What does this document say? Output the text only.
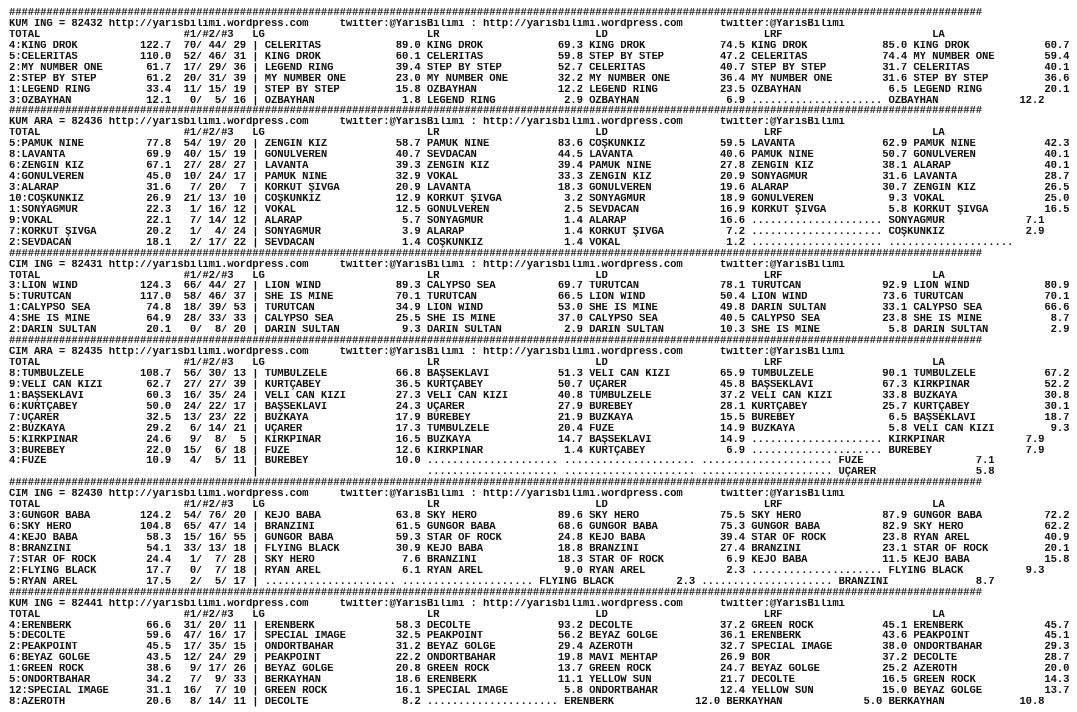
############################################################################################################################################################
KUM ING = 82432 http://yarisbilimi.wordpress.com     twitter:@YarisBilimi : http://yarisbilimi.wordpress.com      twitter:@YarisBilimi
TOTAL                       #1/#2/#3   LG                          LR                         LD                         LRF                        LA
4:KING DROK          122.7  70/ 44/ 29 | CELERITAS            89.0 KING DROK            69.3 KING DROK            74.5 KING DROK            85.0 KING DROK            60.7
5:CELERITAS          110.0  52/ 46/ 31 | KING DROK            60.1 CELERITAS            59.8 STEP BY STEP         47.2 CELERITAS            74.4 MY NUMBER ONE        59.4
2:MY NUMBER ONE       61.7  17/ 29/ 36 | LEGEND RING          39.4 STEP BY STEP         52.7 CELERITAS            40.7 STEP BY STEP         31.7 CELERITAS            40.1
2:STEP BY STEP        61.2  20/ 31/ 39 | MY NUMBER ONE        23.0 MY NUMBER ONE        32.2 MY NUMBER ONE        36.4 MY NUMBER ONE        31.6 STEP BY STEP         36.6
1:LEGEND RING         33.4  11/ 15/ 19 | STEP BY STEP         15.8 ÖZBAYHAN             12.2 LEGEND RING          23.5 ÖZBAYHAN              6.5 LEGEND RING          20.1
3:ÖZBAYHAN            12.1   0/  5/ 16 | ÖZBAYHAN              1.8 LEGEND RING           2.9 ÖZBAYHAN              6.9 ..................... ÖZBAYHAN             12.2
############################################################################################################################################################
KUM ARA = 82436 http://yarisbilimi.wordpress.com     twitter:@YarisBilimi : http://yarisbilimi.wordpress.com      twitter:@YarisBilimi
TOTAL                       #1/#2/#3   LG                          LR                         LD                         LRF                        LA
5:PAMUK NİNE          77.8  54/ 19/ 20 | ZENGİN KIZ           58.7 PAMUK NİNE           83.6 COŞKUNKIZ            59.5 LAVANTA              62.9 PAMUK NİNE           42.3
8:LAVANTA             69.9  40/ 15/ 19 | GÖNÜLVEREN           40.7 SEVDACAN             44.5 LAVANTA              40.6 PAMUK NİNE           50.7 GÖNÜLVEREN           40.1
6:ZENGİN KIZ          67.1  27/ 28/ 27 | LAVANTA              39.3 ZENGİN KIZ           39.4 PAMUK NİNE           27.8 ZENGİN KIZ           38.1 ALARAP               40.1
4:GÖNÜLVEREN          45.0  10/ 24/ 17 | PAMUK NİNE           32.9 VOKAL                33.3 ZENGİN KIZ           20.9 SONYAĞMUR            31.6 LAVANTA              28.7
3:ALARAP              31.6   7/ 20/  7 | KORKUT ŞIVGA         20.9 LAVANTA              18.3 GÖNÜLVEREN           19.6 ALARAP               30.7 ZENGİN KIZ           26.5
10:COŞKUNKIZ          26.9  21/ 13/ 10 | COŞKUNKIZ            12.9 KORKUT ŞIVGA          3.2 SONYAĞMUR            18.9 GÖNÜLVEREN            9.3 VOKAL                25.0
1:SONYAĞMUR           22.3   1/ 16/ 12 | VOKAL                12.5 GÖNÜLVEREN            2.5 SEVDACAN             16.9 KORKUT ŞIVGA          5.8 KORKUT ŞIVGA         16.5
9:VOKAL               22.1   7/ 14/ 12 | ALARAP                5.7 SONYAĞMUR             1.4 ALARAP               16.6 ..................... SONYAĞMUR             7.1
7:KORKUT ŞIVGA        20.2   1/  4/ 24 | SONYAĞMUR             3.9 ALARAP                1.4 KORKUT ŞIVGA          7.2 ..................... COŞKUNKIZ             2.9
2:SEVDACAN            18.1   2/ 17/ 22 | SEVDACAN              1.4 COŞKUNKIZ             1.4 VOKAL                 1.2 ..................... ....................
############################################################################################################################################################
CIM ING = 82431 http://yarisbilimi.wordpress.com     twitter:@YarisBilimi : http://yarisbilimi.wordpress.com      twitter:@YarisBilimi
TOTAL                       #1/#2/#3   LG                          LR                         LD                         LRF                        LA
3:LION WIND          124.3  66/ 44/ 27 | LION WIND            89.3 CALYPSO SEA          69.7 TÜRÜTCAN             78.1 TÜRÜTCAN             92.9 LION WIND            80.9
5:TÜRÜTCAN           117.0  58/ 46/ 37 | SHE IS MINE          70.1 TÜRÜTCAN             66.5 LION WIND            50.4 LION WIND            73.6 TÜRÜTCAN             70.1
1:CALYPSO SEA         74.8  18/ 39/ 53 | TÜRÜTCAN             34.9 LION WIND            53.0 SHE IS MINE          49.8 DARIN SULTAN         33.1 CALYPSO SEA          66.6
4:SHE IS MINE         64.9  28/ 33/ 33 | CALYPSO SEA          25.5 SHE IS MINE          37.0 CALYPSO SEA          40.5 CALYPSO SEA          23.8 SHE IS MINE           8.7
2:DARIN SULTAN        20.1   0/  8/ 20 | DARIN SULTAN          9.3 DARIN SULTAN          2.9 DARIN SULTAN         10.3 SHE IS MINE           5.8 DARIN SULTAN          2.9
############################################################################################################################################################
CIM ARA = 82435 http://yarisbilimi.wordpress.com     twitter:@YarisBilimi : http://yarisbilimi.wordpress.com      twitter:@YarisBilimi
TOTAL                       #1/#2/#3   LG                          LR                         LD                         LRF                        LA
8:TUMBULZELE         108.7  56/ 30/ 13 | TUMBULZELE           66.8 BAŞSEKLAVİ           51.3 VELİ CAN KIZI        65.9 TUMBULZELE           90.1 TUMBULZELE           67.2
9:VELİ CAN KIZI       62.7  27/ 27/ 39 | KURTÇABEY            36.5 KURTÇABEY            50.7 UÇARER               45.8 BAŞSEKLAVİ           67.3 KIRKPINAR            52.2
1:BAŞSEKLAVİ          60.3  16/ 35/ 24 | VELİ CAN KIZI        27.3 VELİ CAN KIZI        40.8 TUMBULZELE           37.2 VELİ CAN KIZI        33.8 BUZKAYA              30.8
6:KURTÇABEY           50.0  24/ 22/ 17 | BAŞSEKLAVİ           24.3 UÇARER               27.9 BÜREBEY              28.1 KURTÇABEY            25.7 KURTÇABEY            30.1
7:UÇARER              32.5  13/ 23/ 22 | BUZKAYA              17.9 BÜREBEY              21.9 BUZKAYA              15.5 BÜREBEY               6.5 BAŞSEKLAVİ           18.7
2:BUZKAYA             29.2   6/ 14/ 21 | UÇARER               17.3 TUMBULZELE           20.4 FÜZE                 14.9 BUZKAYA               5.8 VELİ CAN KIZI         9.3
5:KIRKPINAR           24.6   9/  8/  5 | KIRKPINAR            16.5 BUZKAYA              14.7 BAŞSEKLAVİ           14.9 ..................... KIRKPINAR             7.9
3:BÜREBEY             22.0  15/  6/ 18 | FÜZE                 12.6 KIRKPINAR             1.4 KURTÇABEY             6.9 ..................... BÜREBEY               7.9
4:FÜZE                10.9   4/  5/ 11 | BÜREBEY              10.0 ..................... ..................... ..................... FÜZE                  7.1
|                           ..................... ..................... ..................... UÇARER                5.8
############################################################################################################################################################
CIM ING = 82430 http://yarisbilimi.wordpress.com     twitter:@YarisBilimi : http://yarisbilimi.wordpress.com      twitter:@YarisBilimi
TOTAL                       #1/#2/#3   LG                          LR                         LD                         LRF                        LA
3:GÜNGÖR BABA        124.2  54/ 76/ 20 | KEJO BABA            63.8 SKY HERO             89.6 SKY HERO             75.5 SKY HERO             87.9 GÜNGÖR BABA          72.2
6:SKY HERO           104.8  65/ 47/ 14 | BRANZINI             61.5 GÜNGÖR BABA          68.6 GÜNGÖR BABA          75.3 GÜNGÖR BABA          82.9 SKY HERO             62.2
4:KEJO BABA           58.3  15/ 16/ 55 | GÜNGÖR BABA          59.3 STAR OF ROCK         24.8 KEJO BABA            39.4 STAR OF ROCK         23.8 RYAN AREL            40.9
8:BRANZINI            54.1  33/ 13/ 18 | FLYING BLACK         30.9 KEJO BABA            18.8 BRANZINI             27.4 BRANZINI             23.1 STAR OF ROCK         20.1
7:STAR OF ROCK        24.4   1/  7/ 28 | SKY HERO              7.6 BRANZINI             18.3 STAR OF ROCK          6.9 KEJO BABA            11.5 KEJO BABA            15.8
2:FLYING BLACK        17.7   0/  7/ 18 | RYAN AREL             6.1 RYAN AREL             9.0 RYAN AREL             2.3 ..................... FLYING BLACK          9.3
5:RYAN AREL           17.5   2/  5/ 17 | ..................... ..................... FLYING BLACK          2.3 ..................... BRANZINI              8.7
############################################################################################################################################################
KUM ING = 82441 http://yarisbilimi.wordpress.com     twitter:@YarisBilimi : http://yarisbilimi.wordpress.com      twitter:@YarisBilimi
TOTAL                       #1/#2/#3   LG                          LR                         LD                         LRF                        LA
4:ERENBERK            66.6  31/ 20/ 11 | ERENBERK             58.3 DECOLTE              93.2 DECOLTE              37.2 GREEN ROCK           45.1 ERENBERK             45.7
5:DECOLTE             59.6  47/ 16/ 17 | SPECIAL IMAGE        32.5 PEAKPOINT            56.2 BEYAZ GÖLGE          36.1 ERENBERK             43.6 PEAKPOINT            45.1
2:PEAKPOINT           45.5  17/ 35/ 15 | ONDÖRTBAHAR          31.2 BEYAZ GÖLGE          29.4 AZEROTH              32.7 SPECIAL IMAGE        38.0 ONDÖRTBAHAR          29.3
6:BEYAZ GÖLGE         43.5  12/ 24/ 29 | PEAKPOINT            22.2 ONDÖRTBAHAR          19.8 MAVİ MEHTAP          26.9 BOR                  37.2 DECOLTE              28.7
1:GREEN ROCK          38.6   9/ 17/ 26 | BEYAZ GÖLGE          20.8 GREEN ROCK           13.7 GREEN ROCK           24.7 BEYAZ GÖLGE          25.2 AZEROTH              20.0
5:ONDÖRTBAHAR         34.2   7/  9/ 33 | BERKAYHAN            18.6 ERENBERK             11.1 YELLOW SUN           21.7 DECOLTE              16.5 GREEN ROCK           14.3
12:SPECIAL IMAGE      31.1  16/  7/ 10 | GREEN ROCK           16.1 SPECIAL IMAGE         5.8 ONDÖRTBAHAR          12.4 YELLOW SUN           15.0 BEYAZ GÖLGE          13.7
8:AZEROTH             20.6   8/ 14/ 11 | DECOLTE               8.2 ..................... ERENBERK             12.0 BERKAYHAN             5.0 BERKAYHAN            10.8
